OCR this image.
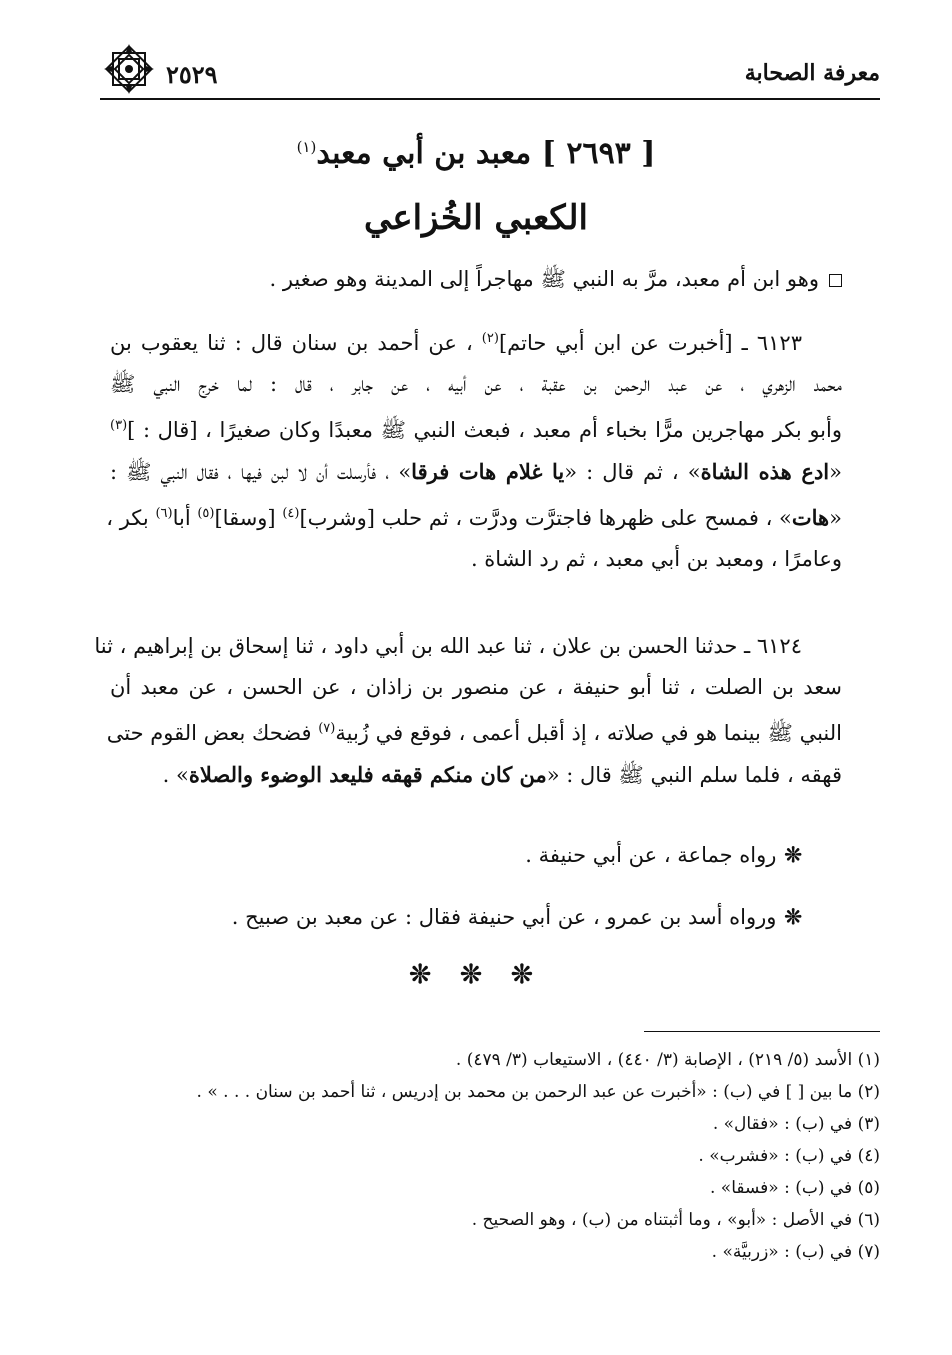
معرفة الصحابة
٢٥٢٩
[ ٢٦٩٣ ] معبد بن أبي معبد$^{(١)}$
الكعبي الخُزاعي
وهو ابن أم معبد، مرَّ به النبي ﷺ مهاجراً إلى المدينة وهو صغير .
٦١٢٣ ـ [أخبرت عن ابن أبي حاتم]$^{(٢)}$ ، عن أحمد بن سنان قال : ثنا يعقوب بن
محمد الزهري ، عن عبد الرحمن بن عقبة ، عن أبيه ، عن جابر ، قال : لما خرج النبي ﷺ
وأبو بكر مهاجرين مرًّا بخباء أم معبد ، فبعث النبي ﷺ معبدًا وكان صغيرًا ، [قال : ]$^{(٣)}$
«ادع هذه الشاة» ، ثم قال : «يا غلام هات فرقا» ، فأرسلت أن لا لبن فيها ، فقال النبي ﷺ :
«هات» ، فمسح على ظهرها فاجترَّت ودرَّت ، ثم حلب [وشرب]$^{(٤)}$ [وسقا]$^{(٥)}$ أبا$^{(٦)}$ بكر ،
وعامرًا ، ومعبد بن أبي معبد ، ثم رد الشاة .
٦١٢٤ ـ حدثنا الحسن بن علان ، ثنا عبد الله بن أبي داود ، ثنا إسحاق بن إبراهيم ، ثنا
سعد بن الصلت ، ثنا أبو حنيفة ، عن منصور بن زاذان ، عن الحسن ، عن معبد أن
النبي ﷺ بينما هو في صلاته ، إذ أقبل أعمى ، فوقع في زُبية$^{(٧)}$ فضحك بعض القوم حتى
قهقه ، فلما سلم النبي ﷺ قال : «من كان منكم قهقه فليعد الوضوء والصلاة» .
❊رواه جماعة ، عن أبي حنيفة .
❊ورواه أسد بن عمرو ، عن أبي حنيفة فقال : عن معبد بن صبيح .
❊ ❊ ❊
(١) الأسد (٥/ ٢١٩) ، الإصابة (٣/ ٤٤٠) ، الاستيعاب (٣/ ٤٧٩) .
(٢) ما بين [ ] في (ب) : «أخبرت عن عبد الرحمن بن محمد بن إدريس ، ثنا أحمد بن سنان . . . » .
(٣) في (ب) : «فقال» .
(٤) في (ب) : «فشرب» .
(٥) في (ب) : «فسقا» .
(٦) في الأصل : «أبو» ، وما أثبتناه من (ب) ، وهو الصحيح .
(٧) في (ب) : «زربيَّة» .
